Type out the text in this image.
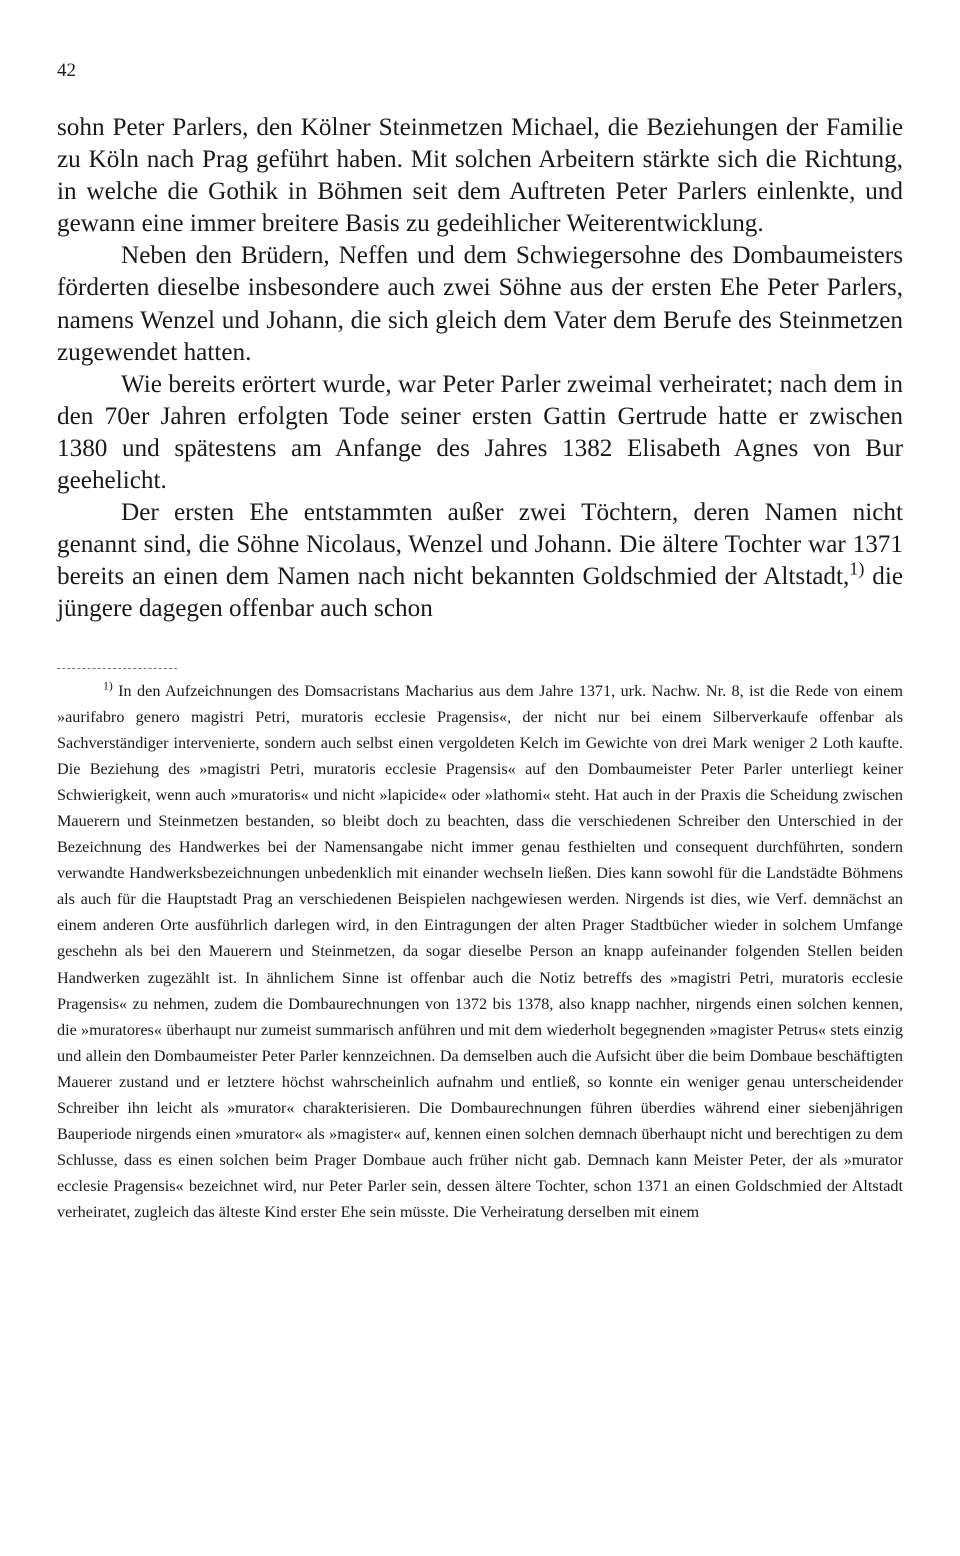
42

sohn Peter Parlers, den Kölner Steinmetzen Michael, die Beziehungen der Familie zu Köln nach Prag geführt haben. Mit solchen Arbeitern stärkte sich die Richtung, in welche die Gothik in Böhmen seit dem Auftreten Peter Parlers einlenkte, und gewann eine immer breitere Basis zu gedeihlicher Weiterentwicklung.

Neben den Brüdern, Neffen und dem Schwiegersohne des Dombaumeisters förderten dieselbe insbesondere auch zwei Söhne aus der ersten Ehe Peter Parlers, namens Wenzel und Johann, die sich gleich dem Vater dem Berufe des Steinmetzen zugewendet hatten.

Wie bereits erörtert wurde, war Peter Parler zweimal verheiratet; nach dem in den 70er Jahren erfolgten Tode seiner ersten Gattin Gertrude hatte er zwischen 1380 und spätestens am Anfange des Jahres 1382 Elisabeth Agnes von Bur geehelicht.

Der ersten Ehe entstammten außer zwei Töchtern, deren Namen nicht genannt sind, die Söhne Nicolaus, Wenzel und Johann. Die ältere Tochter war 1371 bereits an einen dem Namen nach nicht bekannten Goldschmied der Altstadt,$^{1)}$ die jüngere dagegen offenbar auch schon

$^{1)}$ In den Aufzeichnungen des Domsacristans Macharius aus dem Jahre 1371, urk. Nachw. Nr. 8, ist die Rede von einem »aurifabro genero magistri Petri, muratoris ecclesie Pragensis«, der nicht nur bei einem Silberverkaufe offenbar als Sachverständiger intervenierte, sondern auch selbst einen vergoldeten Kelch im Gewichte von drei Mark weniger 2 Loth kaufte. Die Beziehung des »magistri Petri, muratoris ecclesie Pragensis« auf den Dombaumeister Peter Parler unterliegt keiner Schwierigkeit, wenn auch »muratoris« und nicht »lapicide« oder »lathomi« steht. Hat auch in der Praxis die Scheidung zwischen Mauerern und Steinmetzen bestanden, so bleibt doch zu beachten, dass die verschiedenen Schreiber den Unterschied in der Bezeichnung des Handwerkes bei der Namensangabe nicht immer genau festhielten und consequent durchführten, sondern verwandte Handwerksbezeichnungen unbedenklich mit einander wechseln ließen. Dies kann sowohl für die Landstädte Böhmens als auch für die Hauptstadt Prag an verschiedenen Beispielen nachgewiesen werden. Nirgends ist dies, wie Verf. demnächst an einem anderen Orte ausführlich darlegen wird, in den Eintragungen der alten Prager Stadtbücher wieder in solchem Umfange geschehn als bei den Mauerern und Steinmetzen, da sogar dieselbe Person an knapp aufeinander folgenden Stellen beiden Handwerken zugezählt ist. In ähnlichem Sinne ist offenbar auch die Notiz betreffs des »magistri Petri, muratoris ecclesie Pragensis« zu nehmen, zudem die Dombaurechnungen von 1372 bis 1378, also knapp nachher, nirgends einen solchen kennen, die »muratores« überhaupt nur zumeist summarisch anführen und mit dem wiederholt begegnenden »magister Petrus« stets einzig und allein den Dombaumeister Peter Parler kennzeichnen. Da demselben auch die Aufsicht über die beim Dombaue beschäftigten Mauerer zustand und er letztere höchst wahrscheinlich aufnahm und entließ, so konnte ein weniger genau unterscheidender Schreiber ihn leicht als »murator« charakterisieren. Die Dombaurechnungen führen überdies während einer siebenjährigen Bauperiode nirgends einen »murator« als »magister« auf, kennen einen solchen demnach überhaupt nicht und berechtigen zu dem Schlusse, dass es einen solchen beim Prager Dombaue auch früher nicht gab. Demnach kann Meister Peter, der als »murator ecclesie Pragensis« bezeichnet wird, nur Peter Parler sein, dessen ältere Tochter, schon 1371 an einen Goldschmied der Altstadt verheiratet, zugleich das älteste Kind erster Ehe sein müsste. Die Verheiratung derselben mit einem
